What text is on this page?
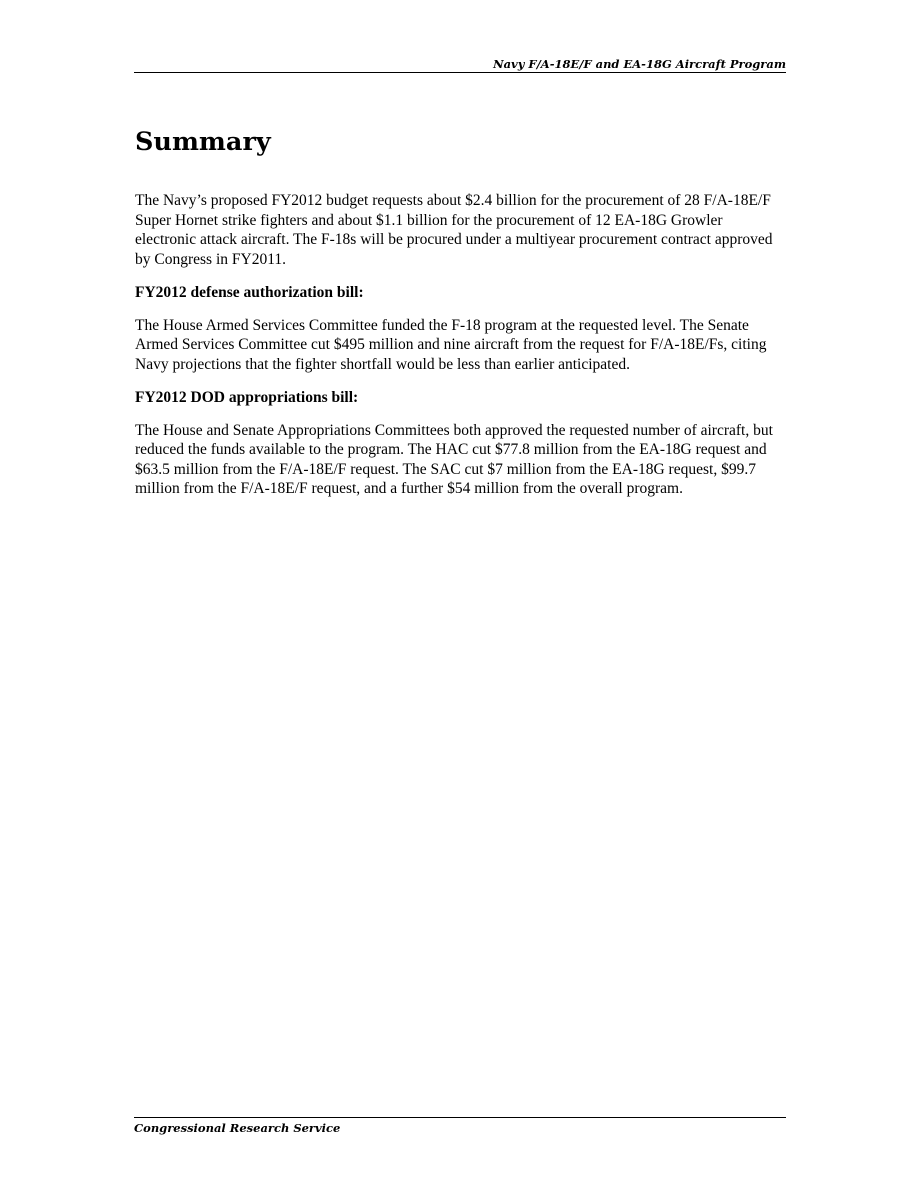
Navy F/A-18E/F and EA-18G Aircraft Program
Summary

The Navy’s proposed FY2012 budget requests about $2.4 billion for the procurement of 28 F/A-18E/F Super Hornet strike fighters and about $1.1 billion for the procurement of 12 EA-18G Growler electronic attack aircraft. The F-18s will be procured under a multiyear procurement contract approved by Congress in FY2011.

FY2012 defense authorization bill:

The House Armed Services Committee funded the F-18 program at the requested level. The Senate Armed Services Committee cut $495 million and nine aircraft from the request for F/A-18E/Fs, citing Navy projections that the fighter shortfall would be less than earlier anticipated.

FY2012 DOD appropriations bill:

The House and Senate Appropriations Committees both approved the requested number of aircraft, but reduced the funds available to the program. The HAC cut $77.8 million from the EA-18G request and $63.5 million from the F/A-18E/F request. The SAC cut $7 million from the EA-18G request, $99.7 million from the F/A-18E/F request, and a further $54 million from the overall program.

Congressional Research Service
